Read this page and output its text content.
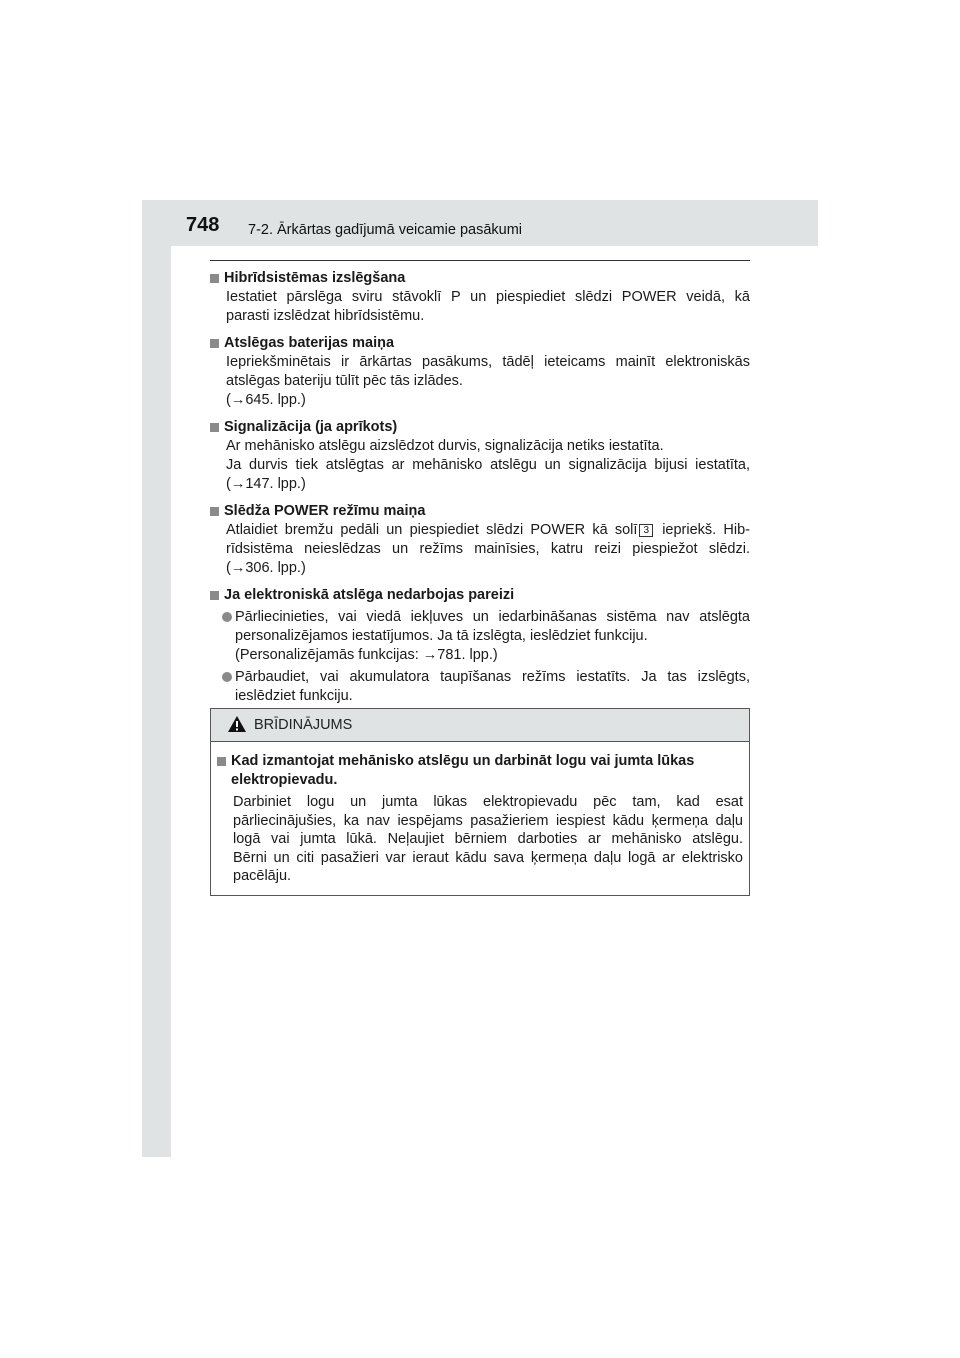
748 7-2. Ārkārtas gadījumā veicamie pasākumi
Hibrīdsistēmas izslēgšana
Iestatiet pārslēga sviru stāvoklī P un piespiediet slēdzi POWER veidā, kā
parasti izslēdzat hibrīdsistēmu.
Atslēgas baterijas maiņa
Iepriekšminētais ir ārkārtas pasākums, tādēļ ieteicams mainīt elektroniskās
atslēgas bateriju tūlīt pēc tās izlādes.
(→645. lpp.)
Signalizācija (ja aprīkots)
Ar mehānisko atslēgu aizslēdzot durvis, signalizācija netiks iestatīta.
Ja durvis tiek atslēgtas ar mehānisko atslēgu un signalizācija bijusi iestatīta,
(→147. lpp.)
Slēdža POWER režīmu maiņa
Atlaidiet bremžu pedāli un piespiediet slēdzi POWER kā solī 3 iepriekš. Hib-
rīdsistēma neieslēdzas un režīms mainīsies, katru reizi piespiežot slēdzi.
(→306. lpp.)
Ja elektroniskā atslēga nedarbojas pareizi
Pārliecinieties, vai viedā iekļuves un iedarbināšanas sistēma nav atslēgta
personalizējamos iestatījumos. Ja tā izslēgta, ieslēdziet funkciju.
(Personalizējamās funkcijas: →781. lpp.)
Pārbaudiet, vai akumulatora taupīšanas režīms iestatīts. Ja tas izslēgts,
ieslēdziet funkciju.
BRĪDINĀJUMS
Kad izmantojat mehānisko atslēgu un darbināt logu vai jumta lūkas
elektropievadu.
Darbiniet logu un jumta lūkas elektropievadu pēc tam, kad esat
pārliecinājušies, ka nav iespējams pasažieriem iespiest kādu ķermeņa daļu
logā vai jumta lūkā. Neļaujiet bērniem darboties ar mehānisko atslēgu.
Bērni un citi pasažieri var ieraut kādu sava ķermeņa daļu logā ar elektrisko
pacēlāju.
